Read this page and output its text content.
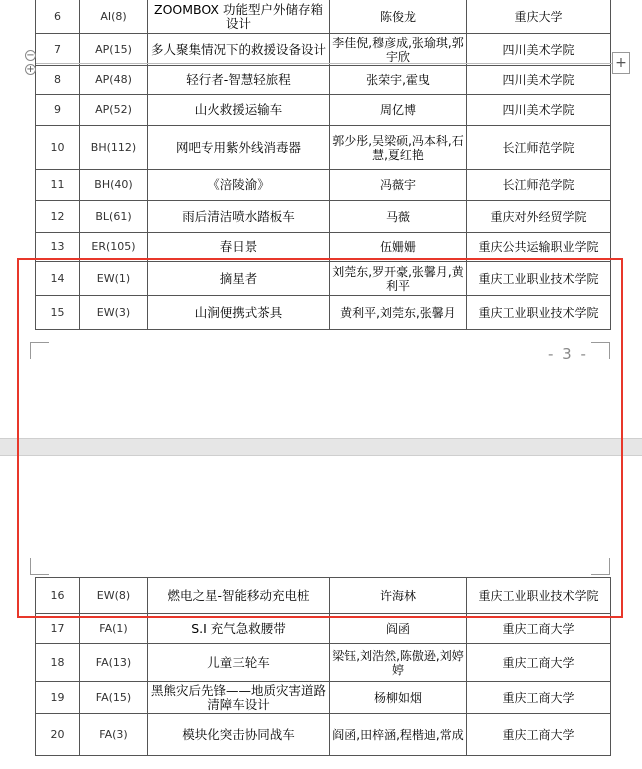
6	AI(8)	ZOOMBOX 功能型户外储存箱设计	陈俊龙	重庆大学
7	AP(15)	多人聚集情况下的救援设备设计	李佳倪,穆彦成,张瑜琪,郭宇欣	四川美术学院
8	AP(48)	轻行者-智慧轻旅程	张荣宇,霍曳	四川美术学院
9	AP(52)	山火救援运输车	周亿博	四川美术学院
10	BH(112)	网吧专用紫外线消毒器	郭少彤,吴梁硕,冯本科,石慧,夏红艳	长江师范学院
11	BH(40)	《涪陵渝》	冯薇宇	长江师范学院
12	BL(61)	雨后清洁喷水踏板车	马薇	重庆对外经贸学院
13	ER(105)	春日景	伍姗姗	重庆公共运输职业学院
14	EW(1)	摘星者	刘莞东,罗开豪,张馨月,黄利平	重庆工业职业技术学院
15	EW(3)	山涧便携式茶具	黄利平,刘莞东,张馨月	重庆工业职业技术学院
−
+	+
- 3 -
16	EW(8)	燃电之星-智能移动充电桩	许海林	重庆工业职业技术学院
17	FA(1)	S.I 充气急救腰带	阎函	重庆工商大学
18	FA(13)	儿童三轮车	梁钰,刘浩然,陈傲逊,刘婷婷	重庆工商大学
19	FA(15)	黑熊灾后先锋——地质灾害道路清障车设计	杨柳如烟	重庆工商大学
20	FA(3)	模块化突击协同战车	阎函,田梓涵,程楷迪,常成	重庆工商大学
